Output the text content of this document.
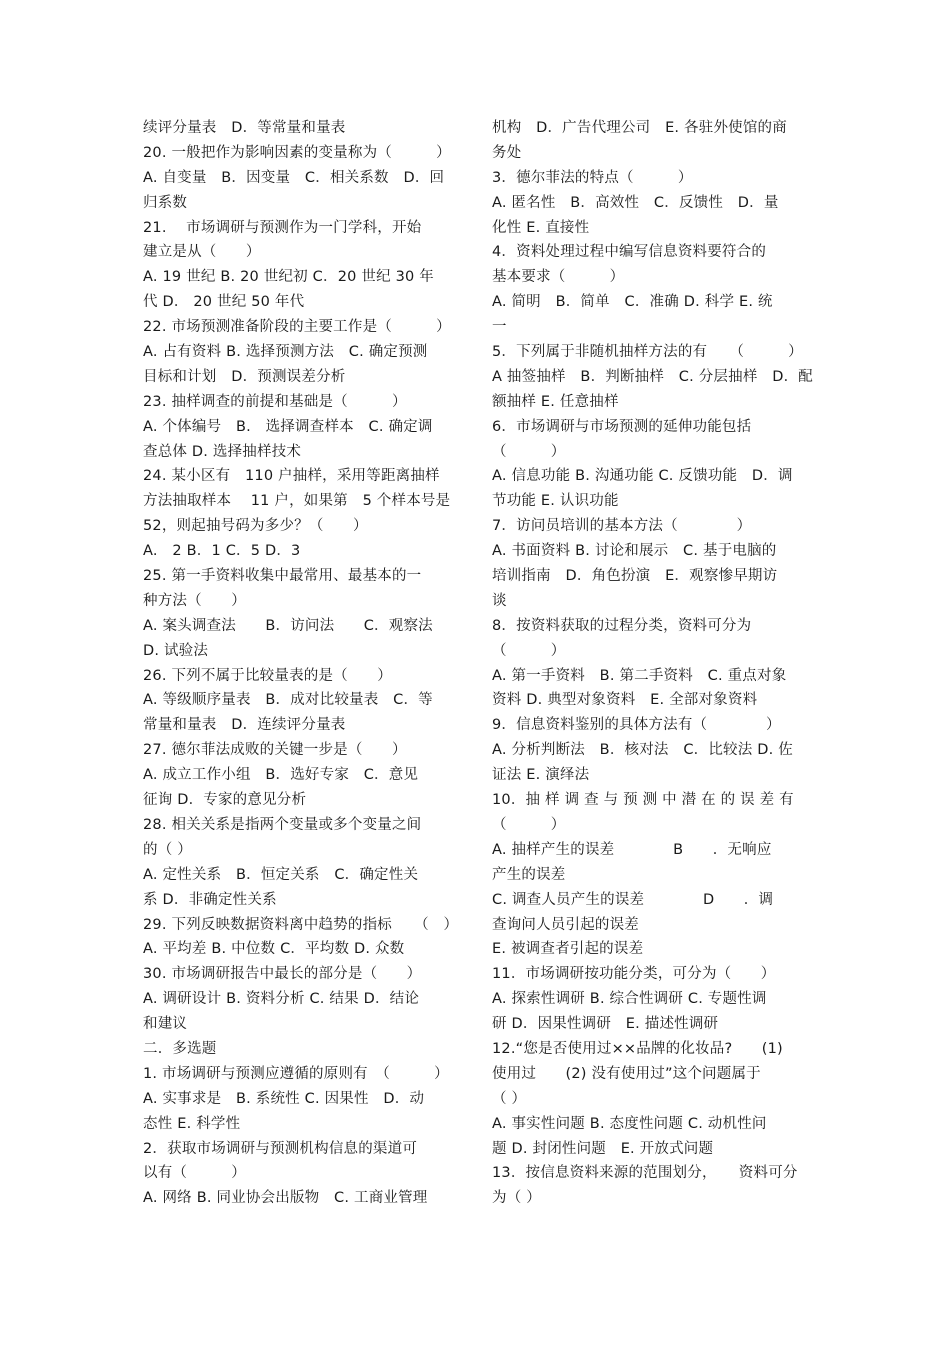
续评分量表　D．等常量和量表
20. 一般把作为影响因素的变量称为（　　　）
A. 自变量　B．因变量　C．相关系数　D．回
归系数
21.　 市场调研与预测作为一门学科，开始
建立是从（　　）
A. 19 世纪 B. 20 世纪初 C．20 世纪 30 年
代 D． 20 世纪 50 年代
22. 市场预测准备阶段的主要工作是（　　　）
A. 占有资料 B. 选择预测方法　C. 确定预测
目标和计划　D．预测误差分析
23. 抽样调查的前提和基础是（　　　）
A. 个体编号　B.　选择调查样本　C. 确定调
查总体 D. 选择抽样技术
24. 某小区有　110 户抽样，采用等距离抽样
方法抽取样本　 11 户，如果第　5 个样本号是
52，则起抽号码为多少？（　　）
A.　2 B．1 C．5 D．3
25. 第一手资料收集中最常用、最基本的一
种方法（　　）
A. 案头调查法　　B．访问法　　C．观察法
D. 试验法
26. 下列不属于比较量表的是（　　）
A. 等级顺序量表　B．成对比较量表　C．等
常量和量表　D．连续评分量表
27. 德尔菲法成败的关键一步是（　　）
A. 成立工作小组　B．选好专家　C．意见
征询 D．专家的意见分析
28. 相关关系是指两个变量或多个变量之间
的（ ）
A. 定性关系　B．恒定关系　C．确定性关
系 D．非确定性关系
29. 下列反映数据资料离中趋势的指标　　（　）
A. 平均差 B. 中位数 C．平均数 D. 众数
30. 市场调研报告中最长的部分是（　　）
A. 调研设计 B. 资料分析 C. 结果 D．结论
和建议
二．多选题
1. 市场调研与预测应遵循的原则有　（　　　）
A. 实事求是　B. 系统性 C. 因果性　D．动
态性 E. 科学性
2．获取市场调研与预测机构信息的渠道可
以有（　　　）
A. 网络 B. 同业协会出版物　C. 工商业管理
机构　D．广告代理公司　E. 各驻外使馆的商
务处
3．德尔菲法的特点（　　　）
A. 匿名性　B．高效性　C．反馈性　D．量
化性 E. 直接性
4．资料处理过程中编写信息资料要符合的
基本要求（　　　）
A. 简明　B．简单　C．准确 D. 科学 E. 统
一
5．下列属于非随机抽样方法的有　　（　　　）
A 抽签抽样　B．判断抽样　C. 分层抽样　D．配
额抽样 E. 任意抽样
6．市场调研与市场预测的延伸功能包括
（　　　）
A. 信息功能 B. 沟通功能 C. 反馈功能　D．调
节功能 E. 认识功能
7．访问员培训的基本方法（　　　　）
A. 书面资料 B. 讨论和展示　C. 基于电脑的
培训指南　D．角色扮演　E．观察惨早期访
谈
8．按资料获取的过程分类，资料可分为
（　　　）
A. 第一手资料　B. 第二手资料　C. 重点对象
资料 D. 典型对象资料　E. 全部对象资料
9．信息资料鉴别的具体方法有（　　　　）
A. 分析判断法　B．核对法　C．比较法 D. 佐
证法 E. 演绎法
10．抽 样 调 查 与 预 测 中 潜 在 的 误 差 有
（　　　）
A. 抽样产生的误差　　　　B　　．无响应
产生的误差
C. 调查人员产生的误差　　　　D　　．调
查询问人员引起的误差
E. 被调查者引起的误差
11．市场调研按功能分类，可分为（　　）
A. 探索性调研 B. 综合性调研 C. 专题性调
研 D．因果性调研　E. 描述性调研
12.“您是否使用过××品牌的化妆品?　　(1)
使用过　　(2) 没有使用过”这个问题属于
（ ）
A. 事实性问题 B. 态度性问题 C. 动机性问
题 D. 封闭性问题　E. 开放式问题
13．按信息资料来源的范围划分，　　资料可分
为（ ）
